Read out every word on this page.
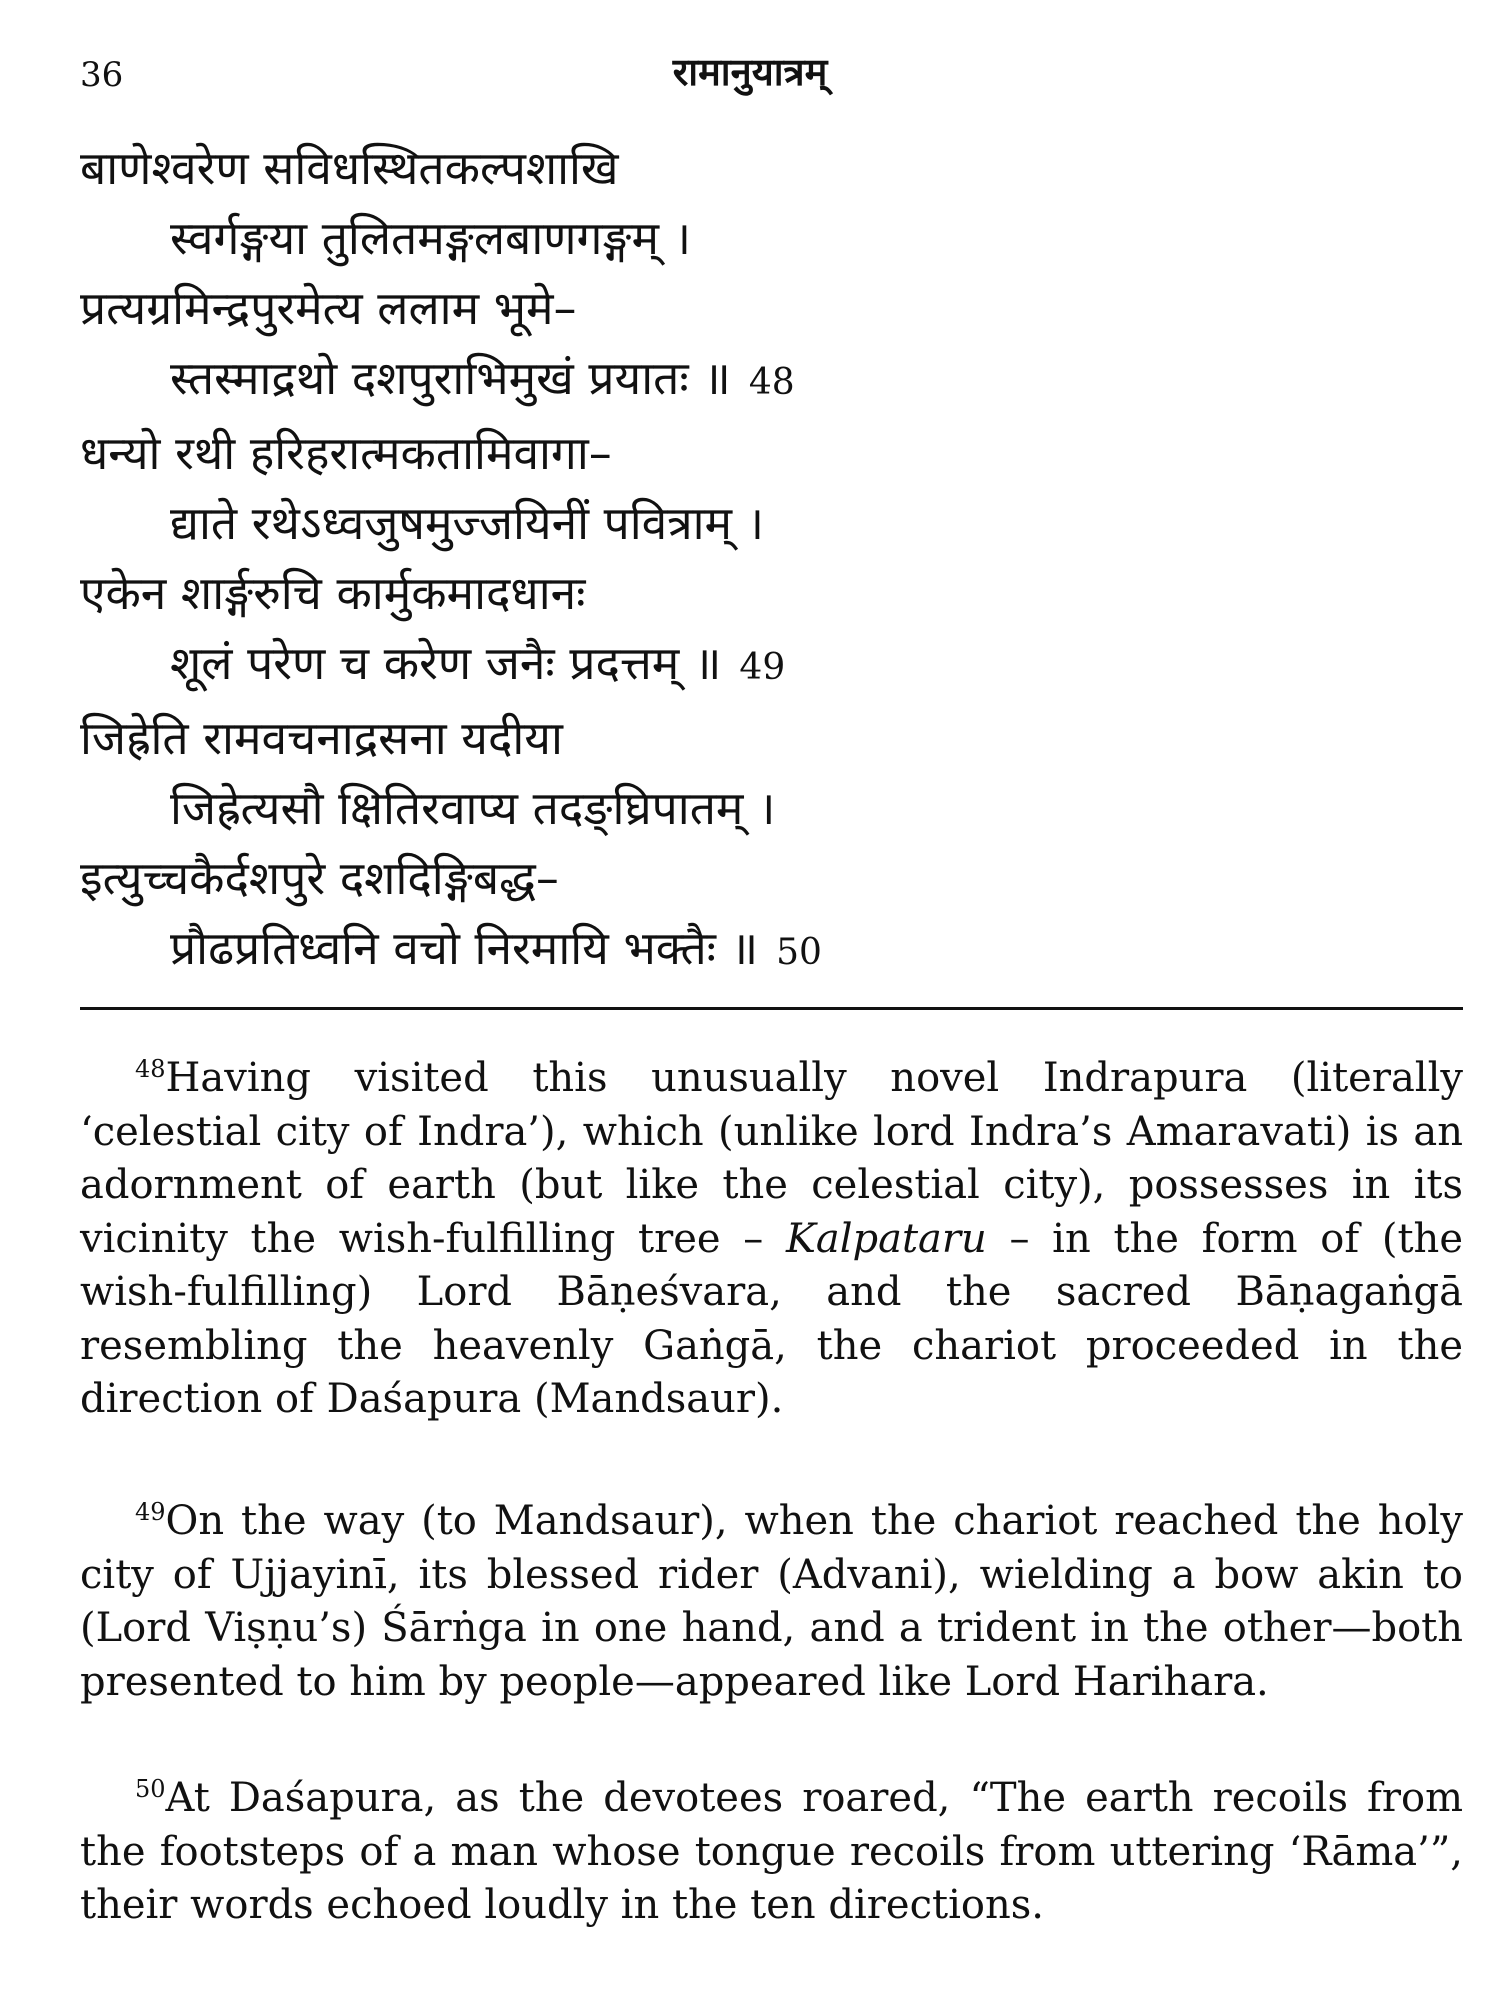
36	रामानुयात्रम्
बाणेश्वरेण सविधस्थितकल्पशाखि
स्वर्गङ्गया तुलितमङ्गलबाणगङ्गम् ।
प्रत्यग्रमिन्द्रपुरमेत्य ललाम भूमे–
स्तस्माद्रथो दशपुराभिमुखं प्रयातः ॥ 48
धन्यो रथी हरिहरात्मकतामिवागा–
द्याते रथेऽध्वजुषमुज्जयिनीं पवित्राम् ।
एकेन शार्ङ्गरुचि कार्मुकमादधानः
शूलं परेण च करेण जनैः प्रदत्तम् ॥ 49
जिह्रेति रामवचनाद्रसना यदीया
जिह्रेत्यसौ क्षितिरवाप्य तदङ्घ्रिपातम् ।
इत्युच्चकैर्दशपुरे दशदिङ्गिबद्ध–
प्रौढप्रतिध्वनि वचो निरमायि भक्तैः ॥ 50

$^{48}$Having visited this unusually novel Indrapura (literally ‘celestial city of Indra’), which (unlike lord Indra’s Amaravati) is an adornment of earth (but like the celestial city), possesses in its vicinity the wish-fulfilling tree – Kalpataru – in the form of (the wish-fulfilling) Lord Bāṇeśvara, and the sacred Bāṇagaṅgā resembling the heavenly Gaṅgā, the chariot proceeded in the direction of Daśapura (Mandsaur).

$^{49}$On the way (to Mandsaur), when the chariot reached the holy city of Ujjayinī, its blessed rider (Advani), wielding a bow akin to (Lord Viṣṇu’s) Śārṅga in one hand, and a trident in the other—both presented to him by people—appeared like Lord Harihara.

$^{50}$At Daśapura, as the devotees roared, “The earth recoils from the footsteps of a man whose tongue recoils from uttering ‘Rāma’”, their words echoed loudly in the ten directions.
